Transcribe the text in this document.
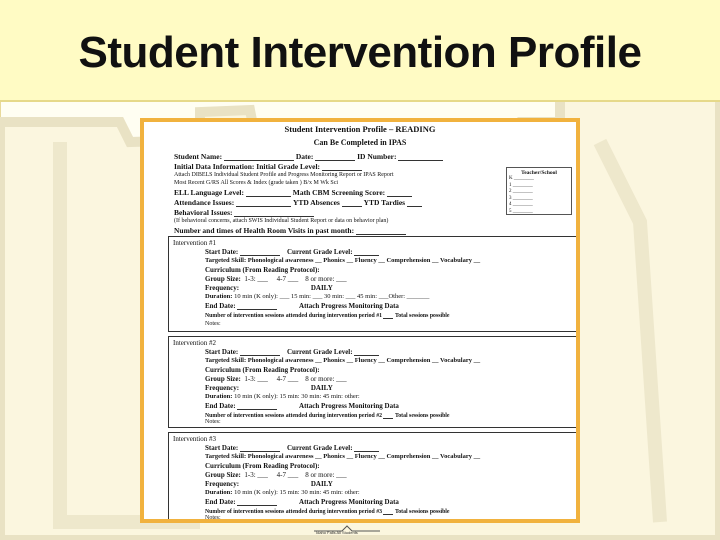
Student Intervention Profile
Student Intervention Profile – READING
Can Be Completed in IPAS
Student Name:	Date:	ID Number:
Initial Data Information: Initial Grade Level:
Attach DIBELS Individual Student Profile and Progress Monitoring Report or IPAS Report
Most Recent G/RS All Scores & Index (grade taken ) B/x M Wk Sci
ELL Language Level:	Math CBM Screening Score:
Attendance Issues:	YTD Absences	YTD Tardies
Behavioral Issues:
(If behavioral concerns, attach SWIS Individual Student Report or data on behavior plan)
Number and times of Health Room Visits in past month:
Teacher/School
K ________
1 ________
2 ________
3 ________
4 ________
5 ________
Intervention #1
Start Date:	Current Grade Level:
Targeted Skill: Phonological awareness __ Phonics __ Fluency __ Comprehension __ Vocabulary __
Curriculum (From Reading Protocol):
Group Size: 1-3: ___ 4-7 ___ 8 or more: ___
Frequency:	DAILY
Duration: 10 min (K only): ___ 15 min: ___ 30 min: ___ 45 min: ___Other: _______
End Date:	Attach Progress Monitoring Data
Number of intervention sessions attended during intervention period #1 Total sessions possible
Notes:
Intervention #2
Start Date:	Current Grade Level:
Targeted Skill: Phonological awareness __ Phonics __ Fluency __ Comprehension __ Vocabulary __
Curriculum (From Reading Protocol):
Group Size: 1-3: ___ 4-7 ___ 8 or more: ___
Frequency:	DAILY
Duration: 10 min (K only): 15 min: 30 min: 45 min: other:
End Date:	Attach Progress Monitoring Data
Number of intervention sessions attended during intervention period #2 Total sessions possible
Notes:
Intervention #3
Start Date:	Current Grade Level:
Targeted Skill: Phonological awareness __ Phonics __ Fluency __ Comprehension __ Vocabulary __
Curriculum (From Reading Protocol):
Group Size: 1-3: ___ 4-7 ___ 8 or more: ___
Frequency:	DAILY
Duration: 10 min (K only): 15 min: 30 min: 45 min: other:
End Date:	Attach Progress Monitoring Data
Number of intervention sessions attended during intervention period #3 Total sessions possible
Notes:
Idaho Falls All Students
